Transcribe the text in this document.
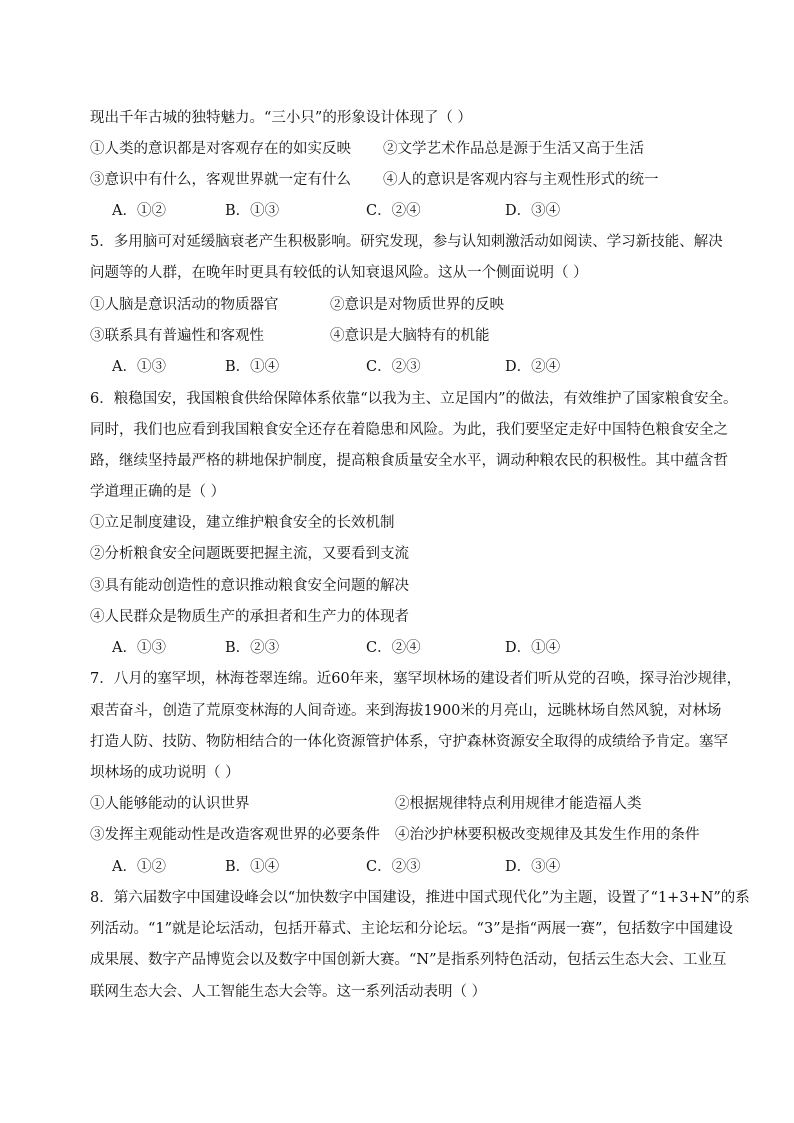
现出千年古城的独特魅力。“三小只”的形象设计体现了（ ）
①人类的意识都是对客观存在的如实反映 ②文学艺术作品总是源于生活又高于生活
③意识中有什么，客观世界就一定有什么 ④人的意识是客观内容与主观性形式的统一
A．①②	B．①③	C．②④	D．③④
5．多用脑可对延缓脑衰老产生积极影响。研究发现，参与认知刺激活动如阅读、学习新技能、解决
问题等的人群，在晚年时更具有较低的认知衰退风险。这从一个侧面说明（ ）
①人脑是意识活动的物质器官	②意识是对物质世界的反映
③联系具有普遍性和客观性	④意识是大脑特有的机能
A．①③	B．①④	C．②③	D．②④
6．粮稳国安，我国粮食供给保障体系依靠“以我为主、立足国内”的做法，有效维护了国家粮食安全。
同时，我们也应看到我国粮食安全还存在着隐患和风险。为此，我们要坚定走好中国特色粮食安全之
路，继续坚持最严格的耕地保护制度，提高粮食质量安全水平，调动种粮农民的积极性。其中蕴含哲
学道理正确的是（ ）
①立足制度建设，建立维护粮食安全的长效机制
②分析粮食安全问题既要把握主流，又要看到支流
③具有能动创造性的意识推动粮食安全问题的解决
④人民群众是物质生产的承担者和生产力的体现者
A．①③	B．②③	C．②④	D．①④
7．八月的塞罕坝，林海苍翠连绵。近60年来，塞罕坝林场的建设者们听从党的召唤，探寻治沙规律，
艰苦奋斗，创造了荒原变林海的人间奇迹。来到海拔1900米的月亮山，远眺林场自然风貌，对林场
打造人防、技防、物防相结合的一体化资源管护体系，守护森林资源安全取得的成绩给予肯定。塞罕
坝林场的成功说明（ ）
①人能够能动的认识世界	②根据规律特点利用规律才能造福人类
③发挥主观能动性是改造客观世界的必要条件 ④治沙护林要积极改变规律及其发生作用的条件
A．①②	B．①④	C．②③	D．③④
8．第六届数字中国建设峰会以“加快数字中国建设，推进中国式现代化”为主题，设置了“1+3+N”的系
列活动。“1”就是论坛活动，包括开幕式、主论坛和分论坛。“3”是指“两展一赛”，包括数字中国建设
成果展、数字产品博览会以及数字中国创新大赛。“N”是指系列特色活动，包括云生态大会、工业互
联网生态大会、人工智能生态大会等。这一系列活动表明（ ）
